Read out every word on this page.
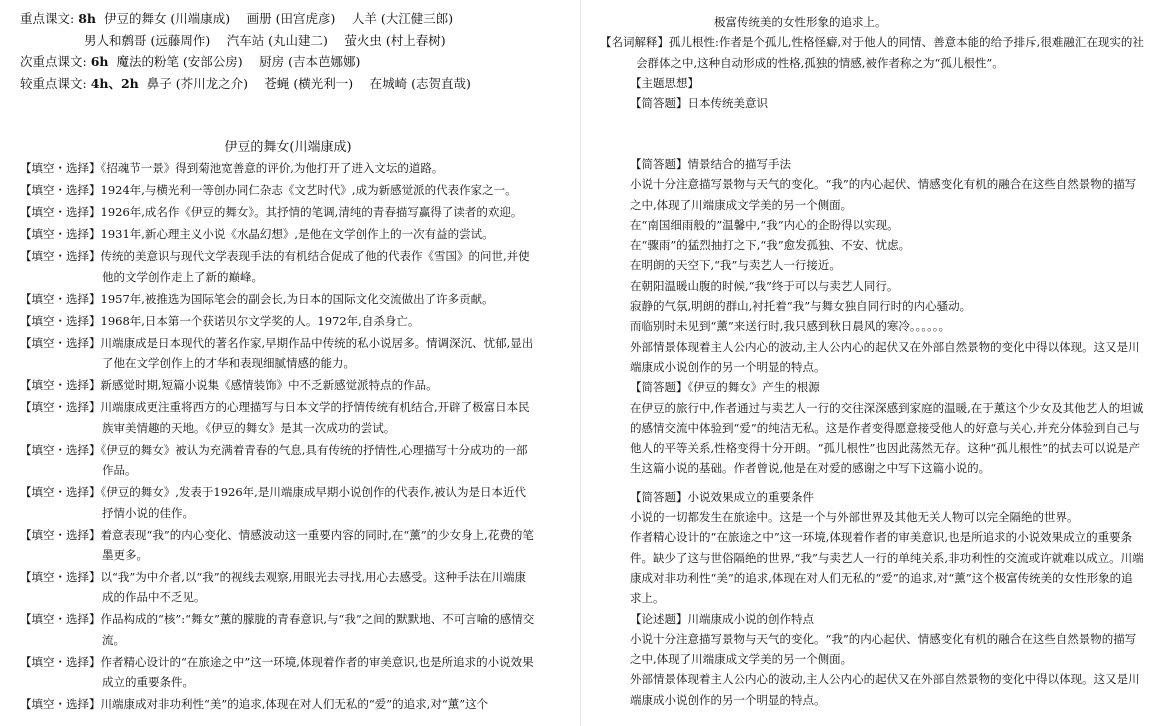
重点课文: 8h 伊豆的舞女 (川端康成)　 画册 (田宫虎彦)　 人羊 (大江健三郎)
男人和鹩哥 (远藤周作)　 汽车站 (丸山建二)　 萤火虫 (村上春树)
次重点课文: 6h 魔法的粉笔 (安部公房)　 厨房 (吉本芭娜娜)
较重点课文: 4h、2h 鼻子 (芥川龙之介)　 苍蝇 (横光利一)　 在城崎 (志贺直哉)
伊豆的舞女(川端康成)

【填空・选择】《招魂节一景》得到菊池宽善意的评价,为他打开了进入文坛的道路。

【填空・选择】1924年,与横光利一等创办同仁杂志《文艺时代》,成为新感觉派的代表作家之一。

【填空・选择】1926年,成名作《伊豆的舞女》。其抒情的笔调,清纯的青春描写赢得了读者的欢迎。

【填空・选择】1931年,新心理主义小说《水晶幻想》,是他在文学创作上的一次有益的尝试。

【填空・选择】传统的美意识与现代文学表现手法的有机结合促成了他的代表作《雪国》的问世,并使他的文学创作走上了新的巅峰。

【填空・选择】1957年,被推选为国际笔会的副会长,为日本的国际文化交流做出了许多贡献。

【填空・选择】1968年,日本第一个获诺贝尔文学奖的人。1972年,自杀身亡。

【填空・选择】川端康成是日本现代的著名作家,早期作品中传统的私小说居多。情调深沉、忧郁,显出了他在文学创作上的才华和表现细腻情感的能力。

【填空・选择】新感觉时期,短篇小说集《感情装饰》中不乏新感觉派特点的作品。

【填空・选择】川端康成更注重将西方的心理描写与日本文学的抒情传统有机结合,开辟了极富日本民族审美情趣的天地。《伊豆的舞女》是其一次成功的尝试。

【填空・选择】《伊豆的舞女》被认为充满着青春的气息,具有传统的抒情性,心理描写十分成功的一部作品。

【填空・选择】《伊豆的舞女》,发表于1926年,是川端康成早期小说创作的代表作,被认为是日本近代抒情小说的佳作。

【填空・选择】着意表现“我”的内心变化、情感波动这一重要内容的同时,在“薰”的少女身上,花费的笔墨更多。

【填空・选择】以“我”为中介者,以“我”的视线去观察,用眼光去寻找,用心去感受。这种手法在川端康成的作品中不乏见。

【填空・选择】作品构成的“核”:“舞女”薰的朦胧的青春意识,与“我”之间的默默地、不可言喻的感情交流。

【填空・选择】作者精心设计的“在旅途之中”这一环境,体现着作者的审美意识,也是所追求的小说效果成立的重要条件。

【填空・选择】川端康成对非功利性“美”的追求,体现在对人们无私的“爱”的追求,对“薰”这个

极富传统美的女性形象的追求上。

【名词解释】孤儿根性:作者是个孤儿,性格怪癖,对于他人的同情、善意本能的给予排斥,很难融汇在现实的社会群体之中,这种自动形成的性格,孤独的情感,被作者称之为“孤儿根性”。

【主题思想】

【简答题】日本传统美意识

【简答题】情景结合的描写手法

小说十分注意描写景物与天气的变化。“我”的内心起伏、情感变化有机的融合在这些自然景物的描写之中,体现了川端康成文学美的另一个侧面。

在“南国细雨般的”温馨中,“我”内心的企盼得以实现。

在“骤雨”的猛烈抽打之下,“我”愈发孤独、不安、忧虑。

在明朗的天空下,“我”与卖艺人一行接近。

在朝阳温暖山腹的时候,“我”终于可以与卖艺人同行。

寂静的气氛,明朗的群山,衬托着“我”与舞女独自同行时的内心骚动。

而临别时未见到“薰”来送行时,我只感到秋日晨风的寒冷。。。。。。

外部情景体现着主人公内心的波动,主人公内心的起伏又在外部自然景物的变化中得以体现。这又是川端康成小说创作的另一个明显的特点。

【简答题】《伊豆的舞女》产生的根源

在伊豆的旅行中,作者通过与卖艺人一行的交往深深感到家庭的温暖,在于薰这个少女及其他艺人的坦诚的感情交流中体验到“爱”的纯洁无私。这是作者变得愿意接受他人的好意与关心,并充分体验到自己与他人的平等关系,性格变得十分开朗。“孤儿根性”也因此荡然无存。这种“孤儿根性”的拭去可以说是产生这篇小说的基础。作者曾说,他是在对爱的感谢之中写下这篇小说的。

【简答题】小说效果成立的重要条件

小说的一切都发生在旅途中。这是一个与外部世界及其他无关人物可以完全隔绝的世界。

作者精心设计的“在旅途之中”这一环境,体现着作者的审美意识,也是所追求的小说效果成立的重要条件。缺少了这与世俗隔绝的世界,“我”与卖艺人一行的单纯关系,非功利性的交流或许就难以成立。川端康成对非功利性“美”的追求,体现在对人们无私的“爱”的追求,对“薰”这个极富传统美的女性形象的追求上。

【论述题】川端康成小说的创作特点

小说十分注意描写景物与天气的变化。“我”的内心起伏、情感变化有机的融合在这些自然景物的描写之中,体现了川端康成文学美的另一个侧面。

外部情景体现着主人公内心的波动,主人公内心的起伏又在外部自然景物的变化中得以体现。这又是川端康成小说创作的另一个明显的特点。
